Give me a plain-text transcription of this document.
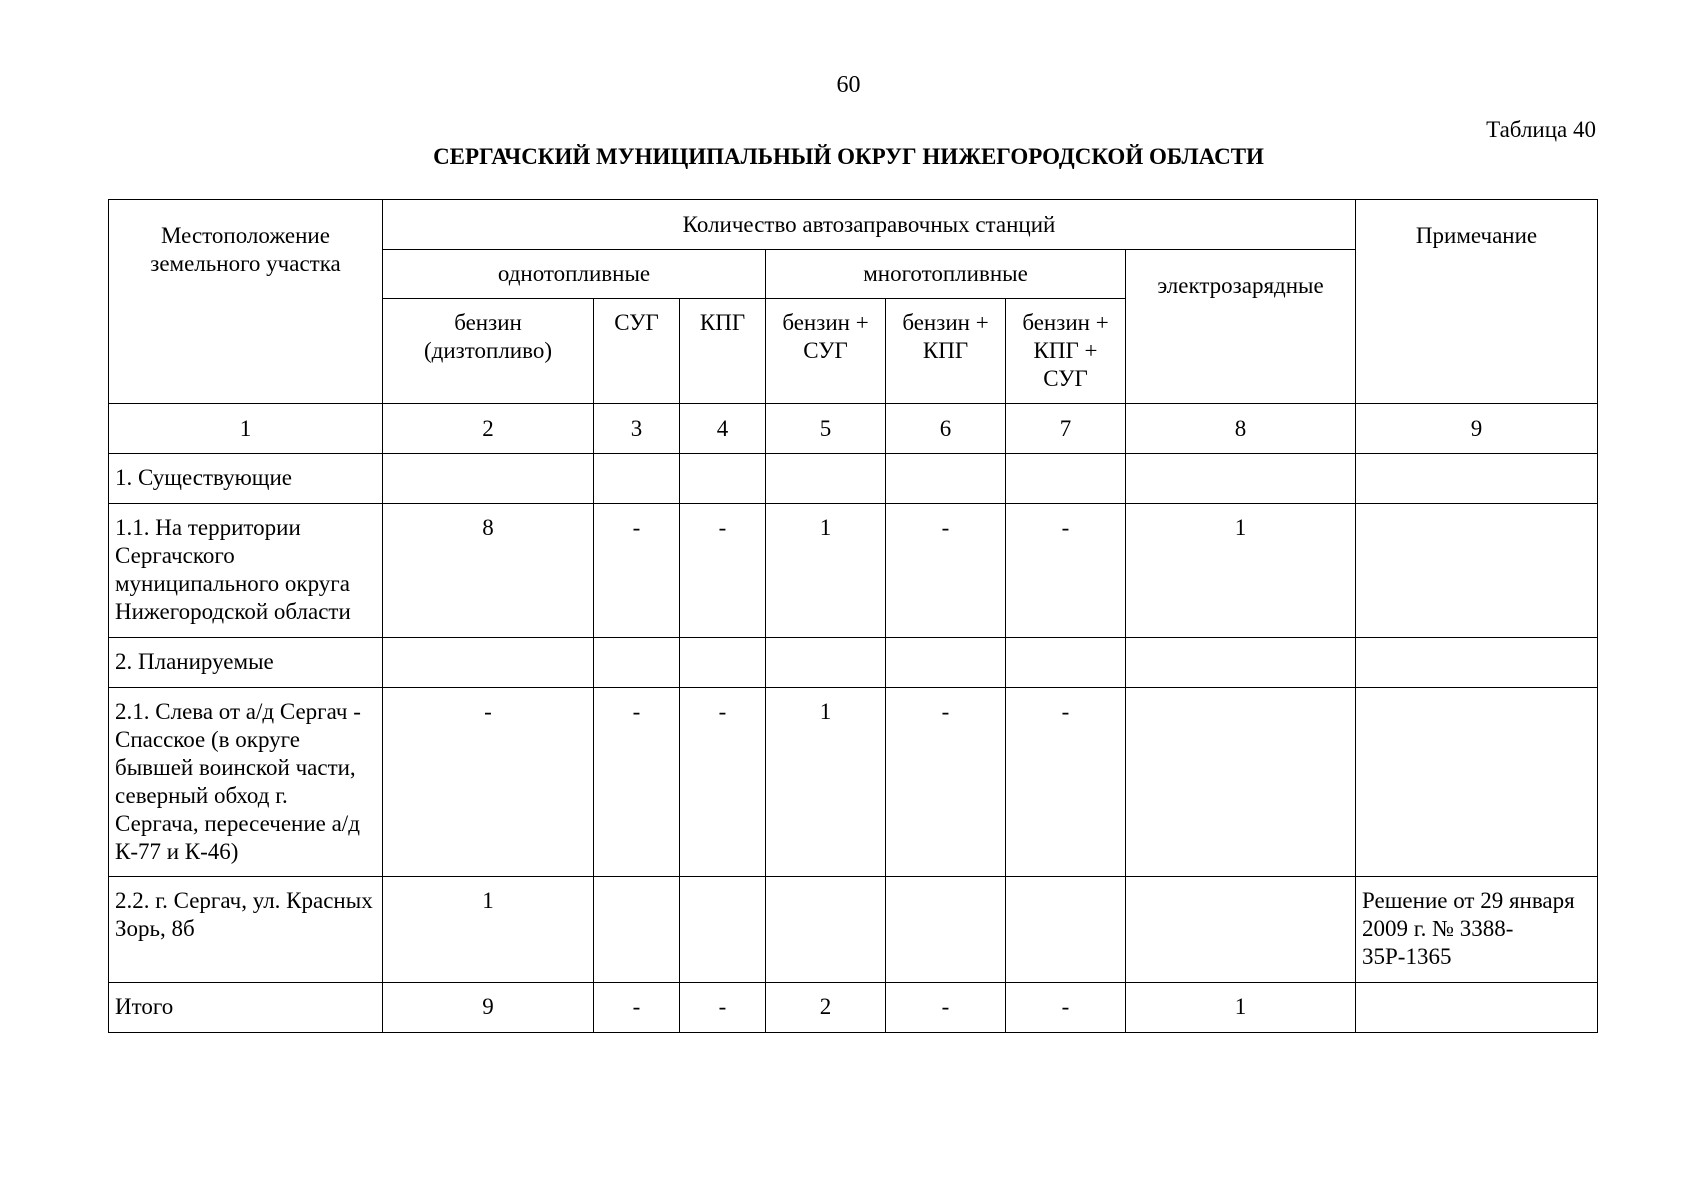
60
Таблица 40
СЕРГАЧСКИЙ МУНИЦИПАЛЬНЫЙ ОКРУГ НИЖЕГОРОДСКОЙ ОБЛАСТИ
Местоположение земельного участка	Количество автозаправочных станций							Примечание
	однотопливные			многотопливные			электрозарядные	
	бензин (дизтопливо)	СУГ	КПГ	бензин + СУГ	бензин + КПГ	бензин + КПГ + СУГ		
1	2	3	4	5	6	7	8	9
1. Существующие								
1.1. На территории Сергачского муниципального округа Нижегородской области	8	-	-	1	-	-	1	
2. Планируемые								
2.1. Слева от а/д Сергач - Спасское (в округе бывшей воинской части, северный обход г. Сергача, пересечение а/д К-77 и К-46)	-	-	-	1	-	-		
2.2. г. Сергач, ул. Красных Зорь, 8б	1							Решение от 29 января 2009 г. № 3388-35Р-1365
Итого	9	-	-	2	-	-	1	
